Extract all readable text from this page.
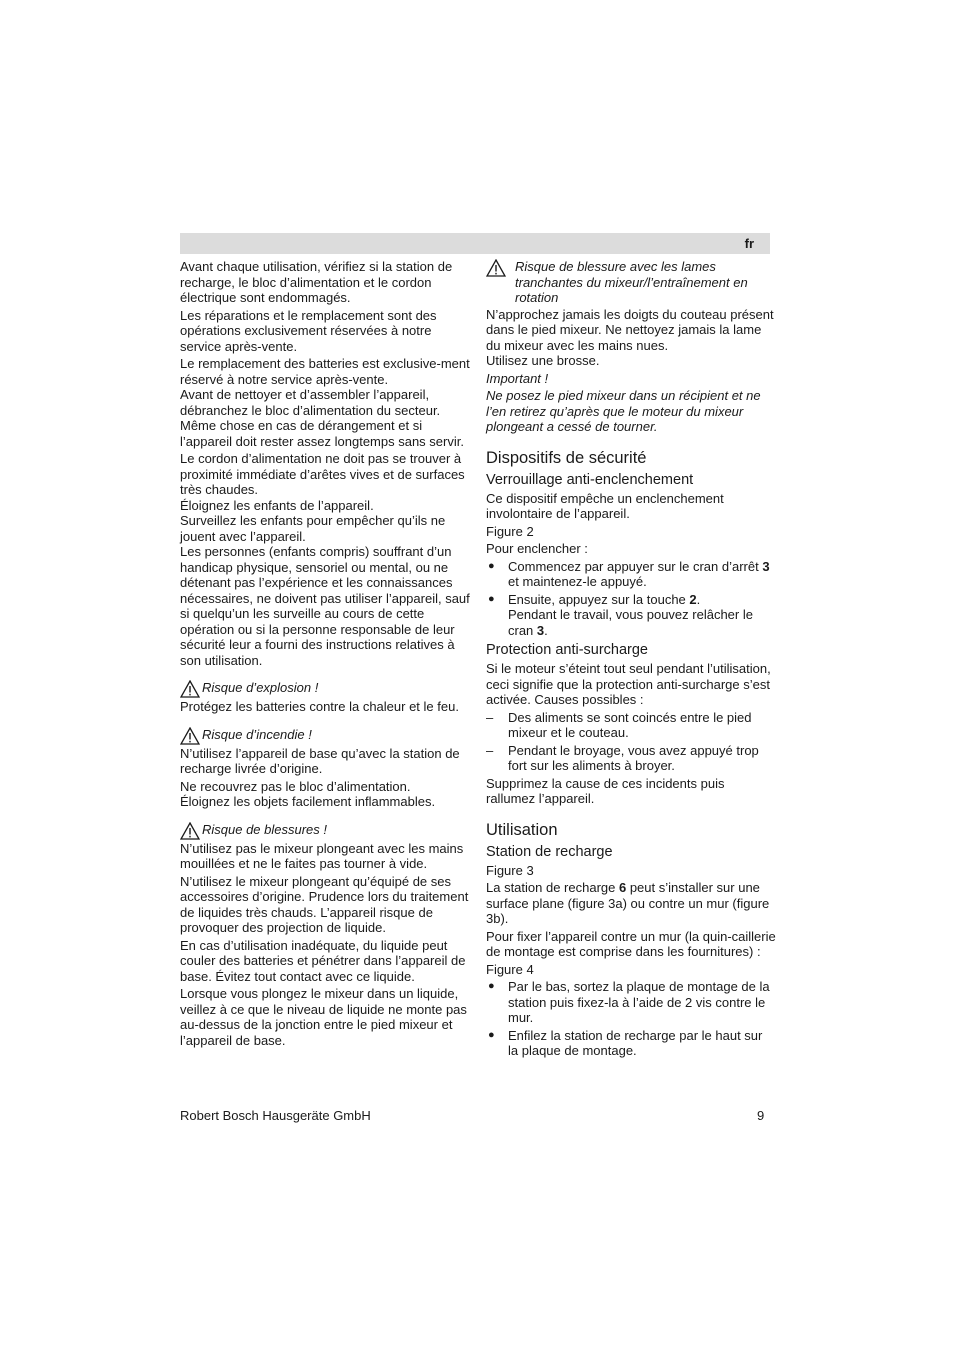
fr

Avant chaque utilisation, vérifiez si la station de recharge, le bloc d’alimentation et le cordon électrique sont endommagés.

Les réparations et le remplacement sont des opérations exclusivement réservées à notre service après-vente.

Le remplacement des batteries est exclusive-ment réservé à notre service après-vente.

Avant de nettoyer et d’assembler l’appareil, débranchez le bloc d’alimentation du secteur. Même chose en cas de dérangement et si l’appareil doit rester assez longtemps sans servir.

Le cordon d’alimentation ne doit pas se trouver à proximité immédiate d’arêtes vives et de surfaces très chaudes.

Éloignez les enfants de l’appareil.

Surveillez les enfants pour empêcher qu’ils ne jouent avec l’appareil.

Les personnes (enfants compris) souffrant d’un handicap physique, sensoriel ou mental, ou ne détenant pas l’expérience et les connaissances nécessaires, ne doivent pas utiliser l’appareil, sauf si quelqu’un les surveille au cours de cette opération ou si la personne responsable de leur sécurité leur a fourni des instructions relatives à son utilisation.

Risque d’explosion !

Protégez les batteries contre la chaleur et le feu.

Risque d’incendie !

N’utilisez l’appareil de base qu’avec la station de recharge livrée d’origine.

Ne recouvrez pas le bloc d’alimentation.

Éloignez les objets facilement inflammables.

Risque de blessures !

N’utilisez pas le mixeur plongeant avec les mains mouillées et ne le faites pas tourner à vide.

N’utilisez le mixeur plongeant qu’équipé de ses accessoires d’origine. Prudence lors du traitement de liquides très chauds. L’appareil risque de provoquer des projection de liquide.

En cas d’utilisation inadéquate, du liquide peut couler des batteries et pénétrer dans l’appareil de base. Évitez tout contact avec ce liquide.

Lorsque vous plongez le mixeur dans un liquide, veillez à ce que le niveau de liquide ne monte pas au-dessus de la jonction entre le pied mixeur et l’appareil de base.

Risque de blessure avec les lames tranchantes du mixeur/l’entraînement en rotation

N’approchez jamais les doigts du couteau présent dans le pied mixeur. Ne nettoyez jamais la lame du mixeur avec les mains nues.

Utilisez une brosse.

Important !

Ne posez le pied mixeur dans un récipient et ne l’en retirez qu’après que le moteur du mixeur plongeant a cessé de tourner.

Dispositifs de sécurité
Verrouillage anti-enclenchement

Ce dispositif empêche un enclenchement involontaire de l’appareil.

Figure 2

Pour enclencher :

● Commencez par appuyer sur le cran d’arrêt 3 et maintenez-le appuyé.
● Ensuite, appuyez sur la touche 2.
Pendant le travail, vous pouvez relâcher le cran 3.
Protection anti-surcharge

Si le moteur s’éteint tout seul pendant l’utilisation, ceci signifie que la protection anti-surcharge s’est activée. Causes possibles :

– Des aliments se sont coincés entre le pied mixeur et le couteau.
– Pendant le broyage, vous avez appuyé trop fort sur les aliments à broyer.

Supprimez la cause de ces incidents puis rallumez l’appareil.

Utilisation
Station de recharge

Figure 3

La station de recharge 6 peut s’installer sur une surface plane (figure 3a) ou contre un mur (figure 3b).

Pour fixer l’appareil contre un mur (la quin-caillerie de montage est comprise dans les fournitures) :

Figure 4

● Par le bas, sortez la plaque de montage de la station puis fixez-la à l’aide de 2 vis contre le mur.
● Enfilez la station de recharge par le haut sur la plaque de montage.
Robert Bosch Hausgeräte GmbH	9
